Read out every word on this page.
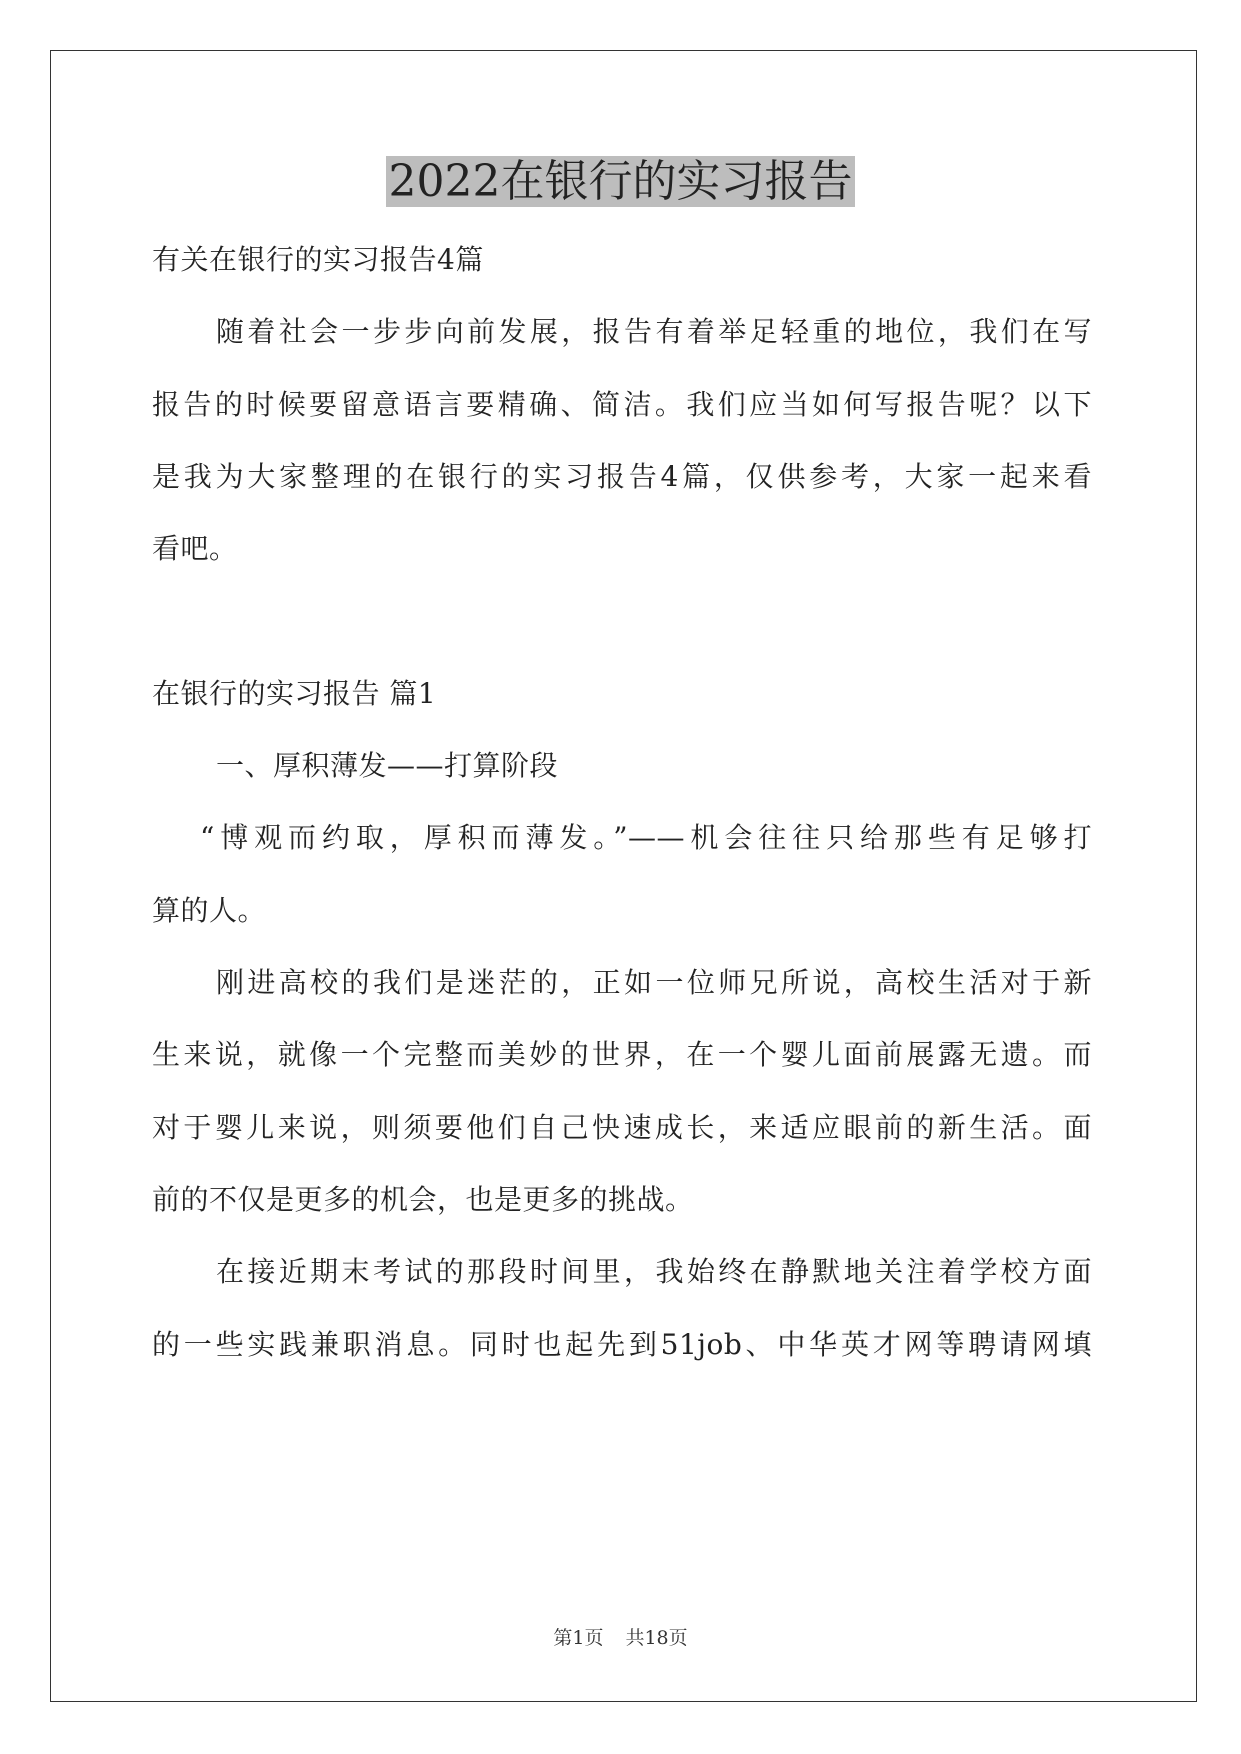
2022在银行的实习报告
有关在银行的实习报告4篇
随着社会一步步向前发展，报告有着举足轻重的地位，我们在写
报告的时候要留意语言要精确、简洁。我们应当如何写报告呢？以下
是我为大家整理的在银行的实习报告4篇，仅供参考，大家一起来看
看吧。
在银行的实习报告 篇1
一、厚积薄发——打算阶段
“博观而约取，厚积而薄发。”——机会往往只给那些有足够打
算的人。
刚进高校的我们是迷茫的，正如一位师兄所说，高校生活对于新
生来说，就像一个完整而美妙的世界，在一个婴儿面前展露无遗。而
对于婴儿来说，则须要他们自己快速成长，来适应眼前的新生活。面
前的不仅是更多的机会，也是更多的挑战。
在接近期末考试的那段时间里，我始终在静默地关注着学校方面
的一些实践兼职消息。同时也起先到51job、中华英才网等聘请网填
第1页 共18页
